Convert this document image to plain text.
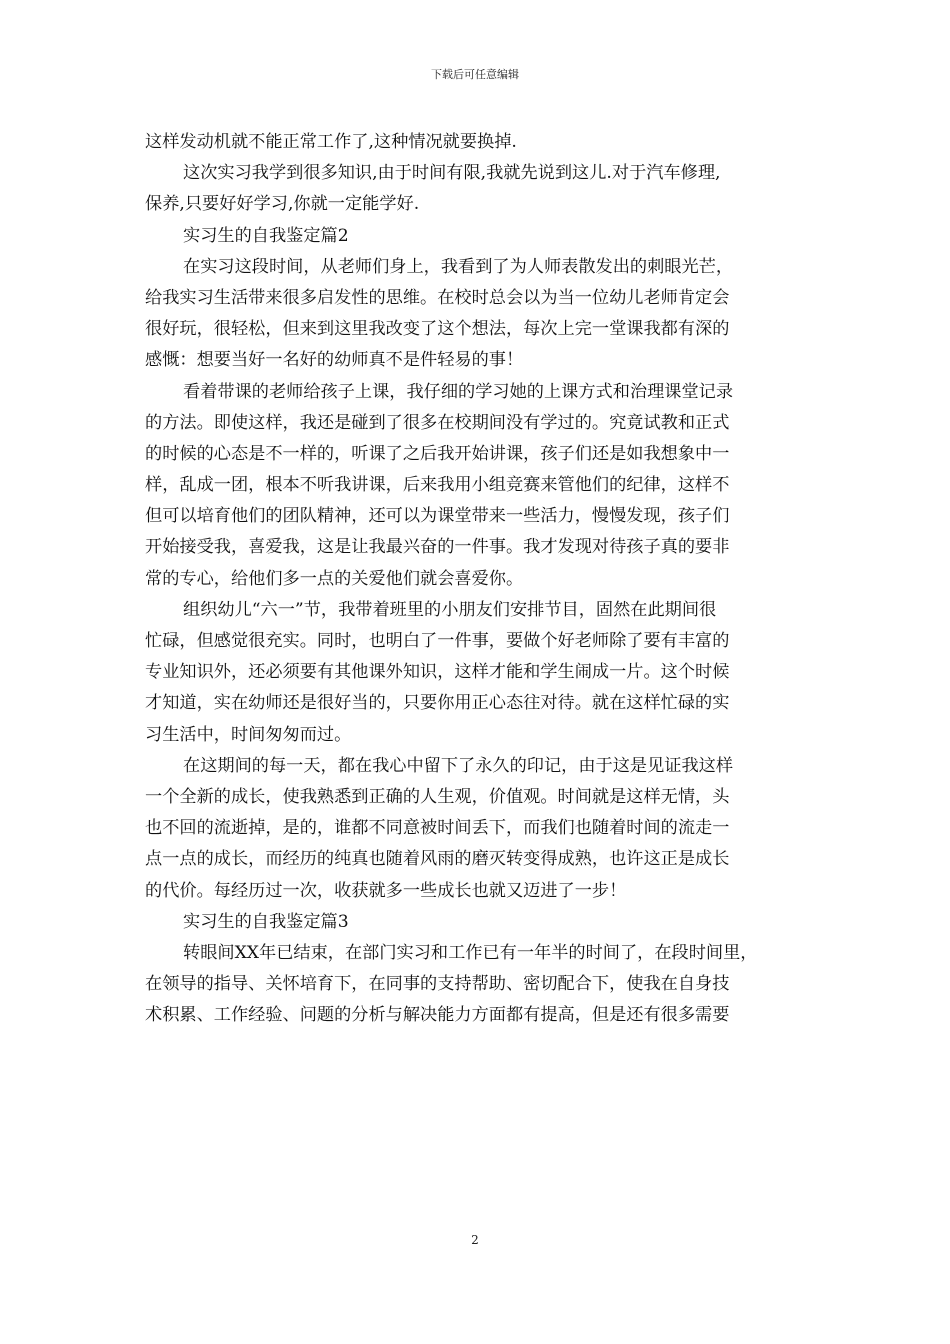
下载后可任意编辑
这样发动机就不能正常工作了,这种情况就要换掉.
这次实习我学到很多知识,由于时间有限,我就先说到这儿.对于汽车修理,
保养,只要好好学习,你就一定能学好.
实习生的自我鉴定篇2
在实习这段时间，从老师们身上，我看到了为人师表散发出的刺眼光芒，
给我实习生活带来很多启发性的思维。在校时总会以为当一位幼儿老师肯定会
很好玩，很轻松，但来到这里我改变了这个想法，每次上完一堂课我都有深的
感慨：想要当好一名好的幼师真不是件轻易的事！
看着带课的老师给孩子上课，我仔细的学习她的上课方式和治理课堂记录
的方法。即使这样，我还是碰到了很多在校期间没有学过的。究竟试教和正式
的时候的心态是不一样的，听课了之后我开始讲课，孩子们还是如我想象中一
样，乱成一团，根本不听我讲课，后来我用小组竞赛来管他们的纪律，这样不
但可以培育他们的团队精神，还可以为课堂带来一些活力，慢慢发现，孩子们
开始接受我，喜爱我，这是让我最兴奋的一件事。我才发现对待孩子真的要非
常的专心，给他们多一点的关爱他们就会喜爱你。
组织幼儿“六一”节，我带着班里的小朋友们安排节目，固然在此期间很
忙碌，但感觉很充实。同时，也明白了一件事，要做个好老师除了要有丰富的
专业知识外，还必须要有其他课外知识，这样才能和学生闹成一片。这个时候
才知道，实在幼师还是很好当的，只要你用正心态往对待。就在这样忙碌的实
习生活中，时间匆匆而过。
在这期间的每一天，都在我心中留下了永久的印记，由于这是见证我这样
一个全新的成长，使我熟悉到正确的人生观，价值观。时间就是这样无情，头
也不回的流逝掉，是的，谁都不同意被时间丢下，而我们也随着时间的流走一
点一点的成长，而经历的纯真也随着风雨的磨灭转变得成熟，也许这正是成长
的代价。每经历过一次，收获就多一些成长也就又迈进了一步！
实习生的自我鉴定篇3
转眼间XX年已结束，在部门实习和工作已有一年半的时间了，在段时间里，
在领导的指导、关怀培育下，在同事的支持帮助、密切配合下，使我在自身技
术积累、工作经验、问题的分析与解决能力方面都有提高，但是还有很多需要
2
